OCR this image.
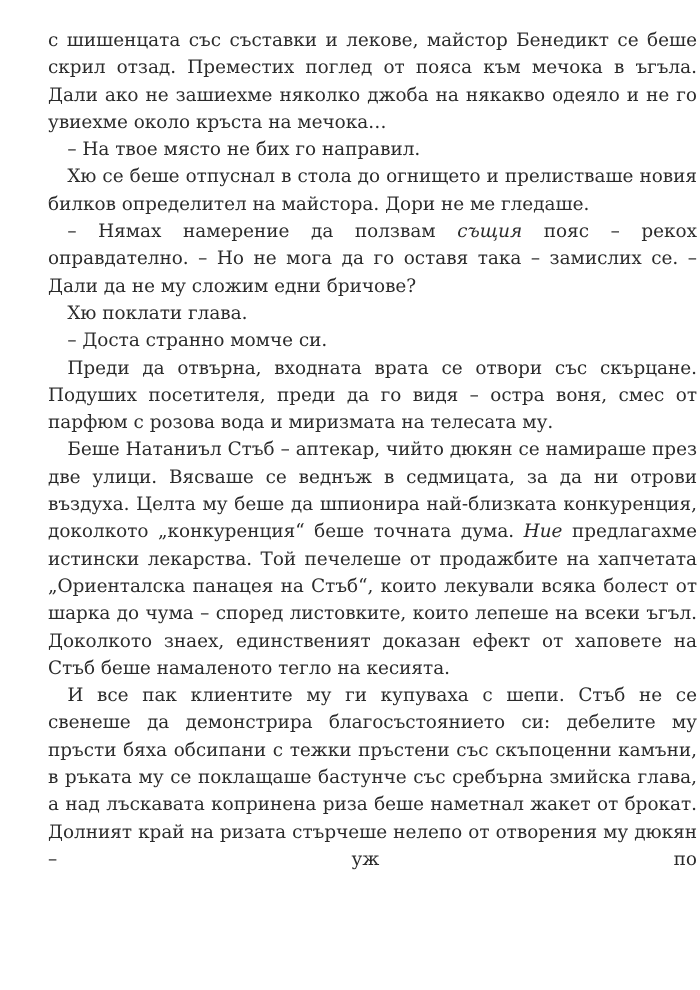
с шишенцата със съставки и лекове, майстор Бенедикт се беше скрил отзад. Преместих поглед от пояса към мечока в ъгъла. Дали ако не зашиехме няколко джоба на някакво одеяло и не го увиехме около кръста на мечока…

– На твое място не бих го направил.

Хю се беше отпуснал в стола до огнището и прелистваше новия билков определител на майстора. Дори не ме гледаше.

– Нямах намерение да ползвам същия пояс – рекох оправдателно. – Но не мога да го оставя така – замислих се. – Дали да не му сложим едни бричове?

Хю поклати глава.

– Доста странно момче си.

Преди да отвърна, входната врата се отвори със скърцане. Подуших посетителя, преди да го видя – остра воня, смес от парфюм с розова вода и миризмата на телесата му.

Беше Натаниъл Стъб – аптекар, чийто дюкян се намираше през две улици. Вясваше се веднъж в седмицата, за да ни отрови въздуха. Целта му беше да шпионира най-близката конкуренция, доколкото „конкуренция“ беше точната дума. Ние предлагахме истински лекарства. Той печелеше от продажбите на хапчетата „Ориенталска панацея на Стъб“, които лекували всяка болест от шарка до чума – според листовките, които лепеше на всеки ъгъл. Доколкото знаех, единственият доказан ефект от хаповете на Стъб беше намаленото тегло на кесията.

И все пак клиентите му ги купуваха с шепи. Стъб не се свенеше да демонстрира благосъстоянието си: дебелите му пръсти бяха обсипани с тежки пръстени със скъпоценни камъни, в ръката му се поклащаше бастунче със сребърна змийска глава, а над лъскавата копринена риза беше наметнал жакет от брокат. Долният край на ризата стърчеше нелепо от отворения му дюкян – уж по
